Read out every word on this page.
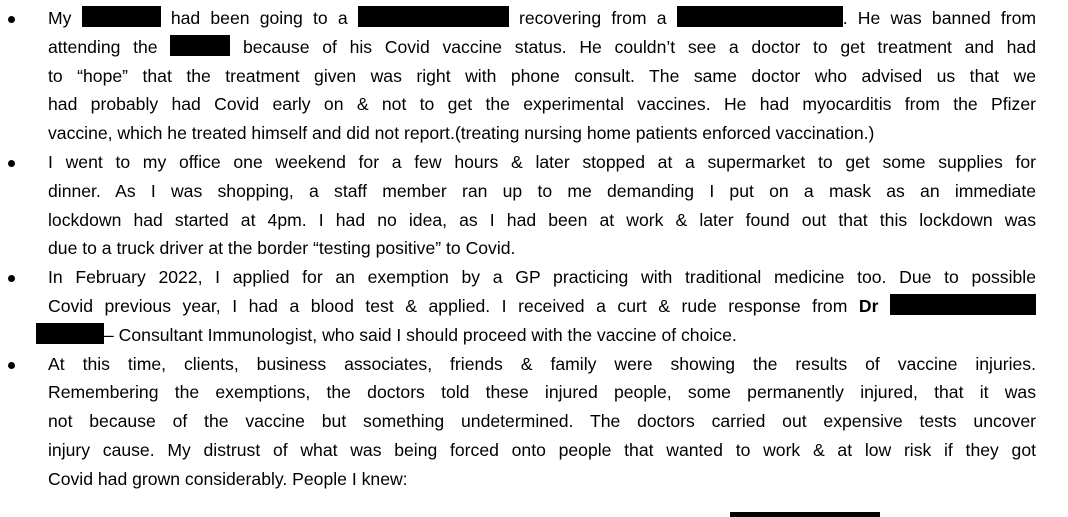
My	had been going to a	recovering from a	. He was banned from
attending the	because of his Covid vaccine status. He couldn’t see a doctor to get treatment and had
to “hope” that the treatment given was right with phone consult. The same doctor who advised us that we
had probably had Covid early on & not to get the experimental vaccines. He had myocarditis from the Pfizer
vaccine, which he treated himself and did not report.(treating nursing home patients enforced vaccination.)
I went to my office one weekend for a few hours & later stopped at a supermarket to get some supplies for
dinner. As I was shopping, a staff member ran up to me demanding I put on a mask as an immediate
lockdown had started at 4pm. I had no idea, as I had been at work & later found out that this lockdown was
due to a truck driver at the border “testing positive” to Covid.
In February 2022, I applied for an exemption by a GP practicing with traditional medicine too. Due to possible
Covid previous year, I had a blood test & applied. I received a curt & rude response from Dr
– Consultant Immunologist, who said I should proceed with the vaccine of choice.
At this time, clients, business associates, friends & family were showing the results of vaccine injuries.
Remembering the exemptions, the doctors told these injured people, some permanently injured, that it was
not because of the vaccine but something undetermined. The doctors carried out expensive tests uncover
injury cause. My distrust of what was being forced onto people that wanted to work & at low risk if they got
Covid had grown considerably. People I knew:
